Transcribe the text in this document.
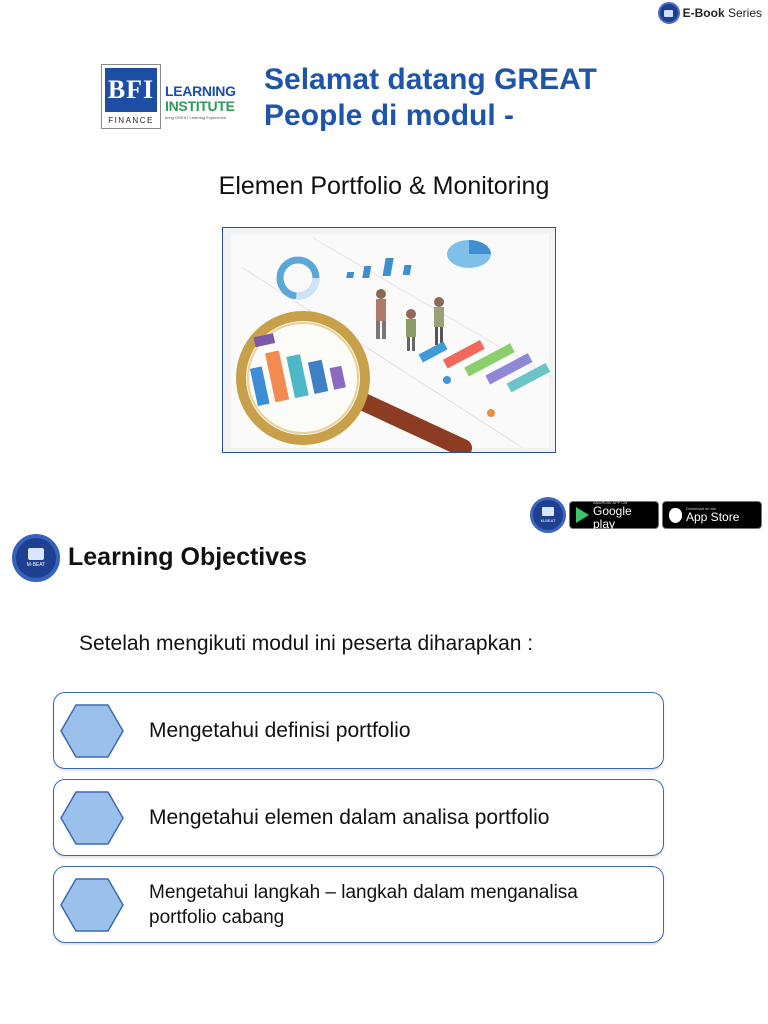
E-Book Series
BFI
FINANCE
LEARNING
INSTITUTE
bring GREAT Learning Experience
Selamat datang GREAT
People di modul -
Elemen Portfolio & Monitoring
M-BEAT
ANDROID APP ON
Google play
Download on the
App Store
M-BEAT Learning Objectives
Setelah mengikuti modul ini peserta diharapkan :
Mengetahui definisi portfolio
Mengetahui elemen dalam analisa portfolio
Mengetahui langkah – langkah dalam menganalisa portfolio cabang
